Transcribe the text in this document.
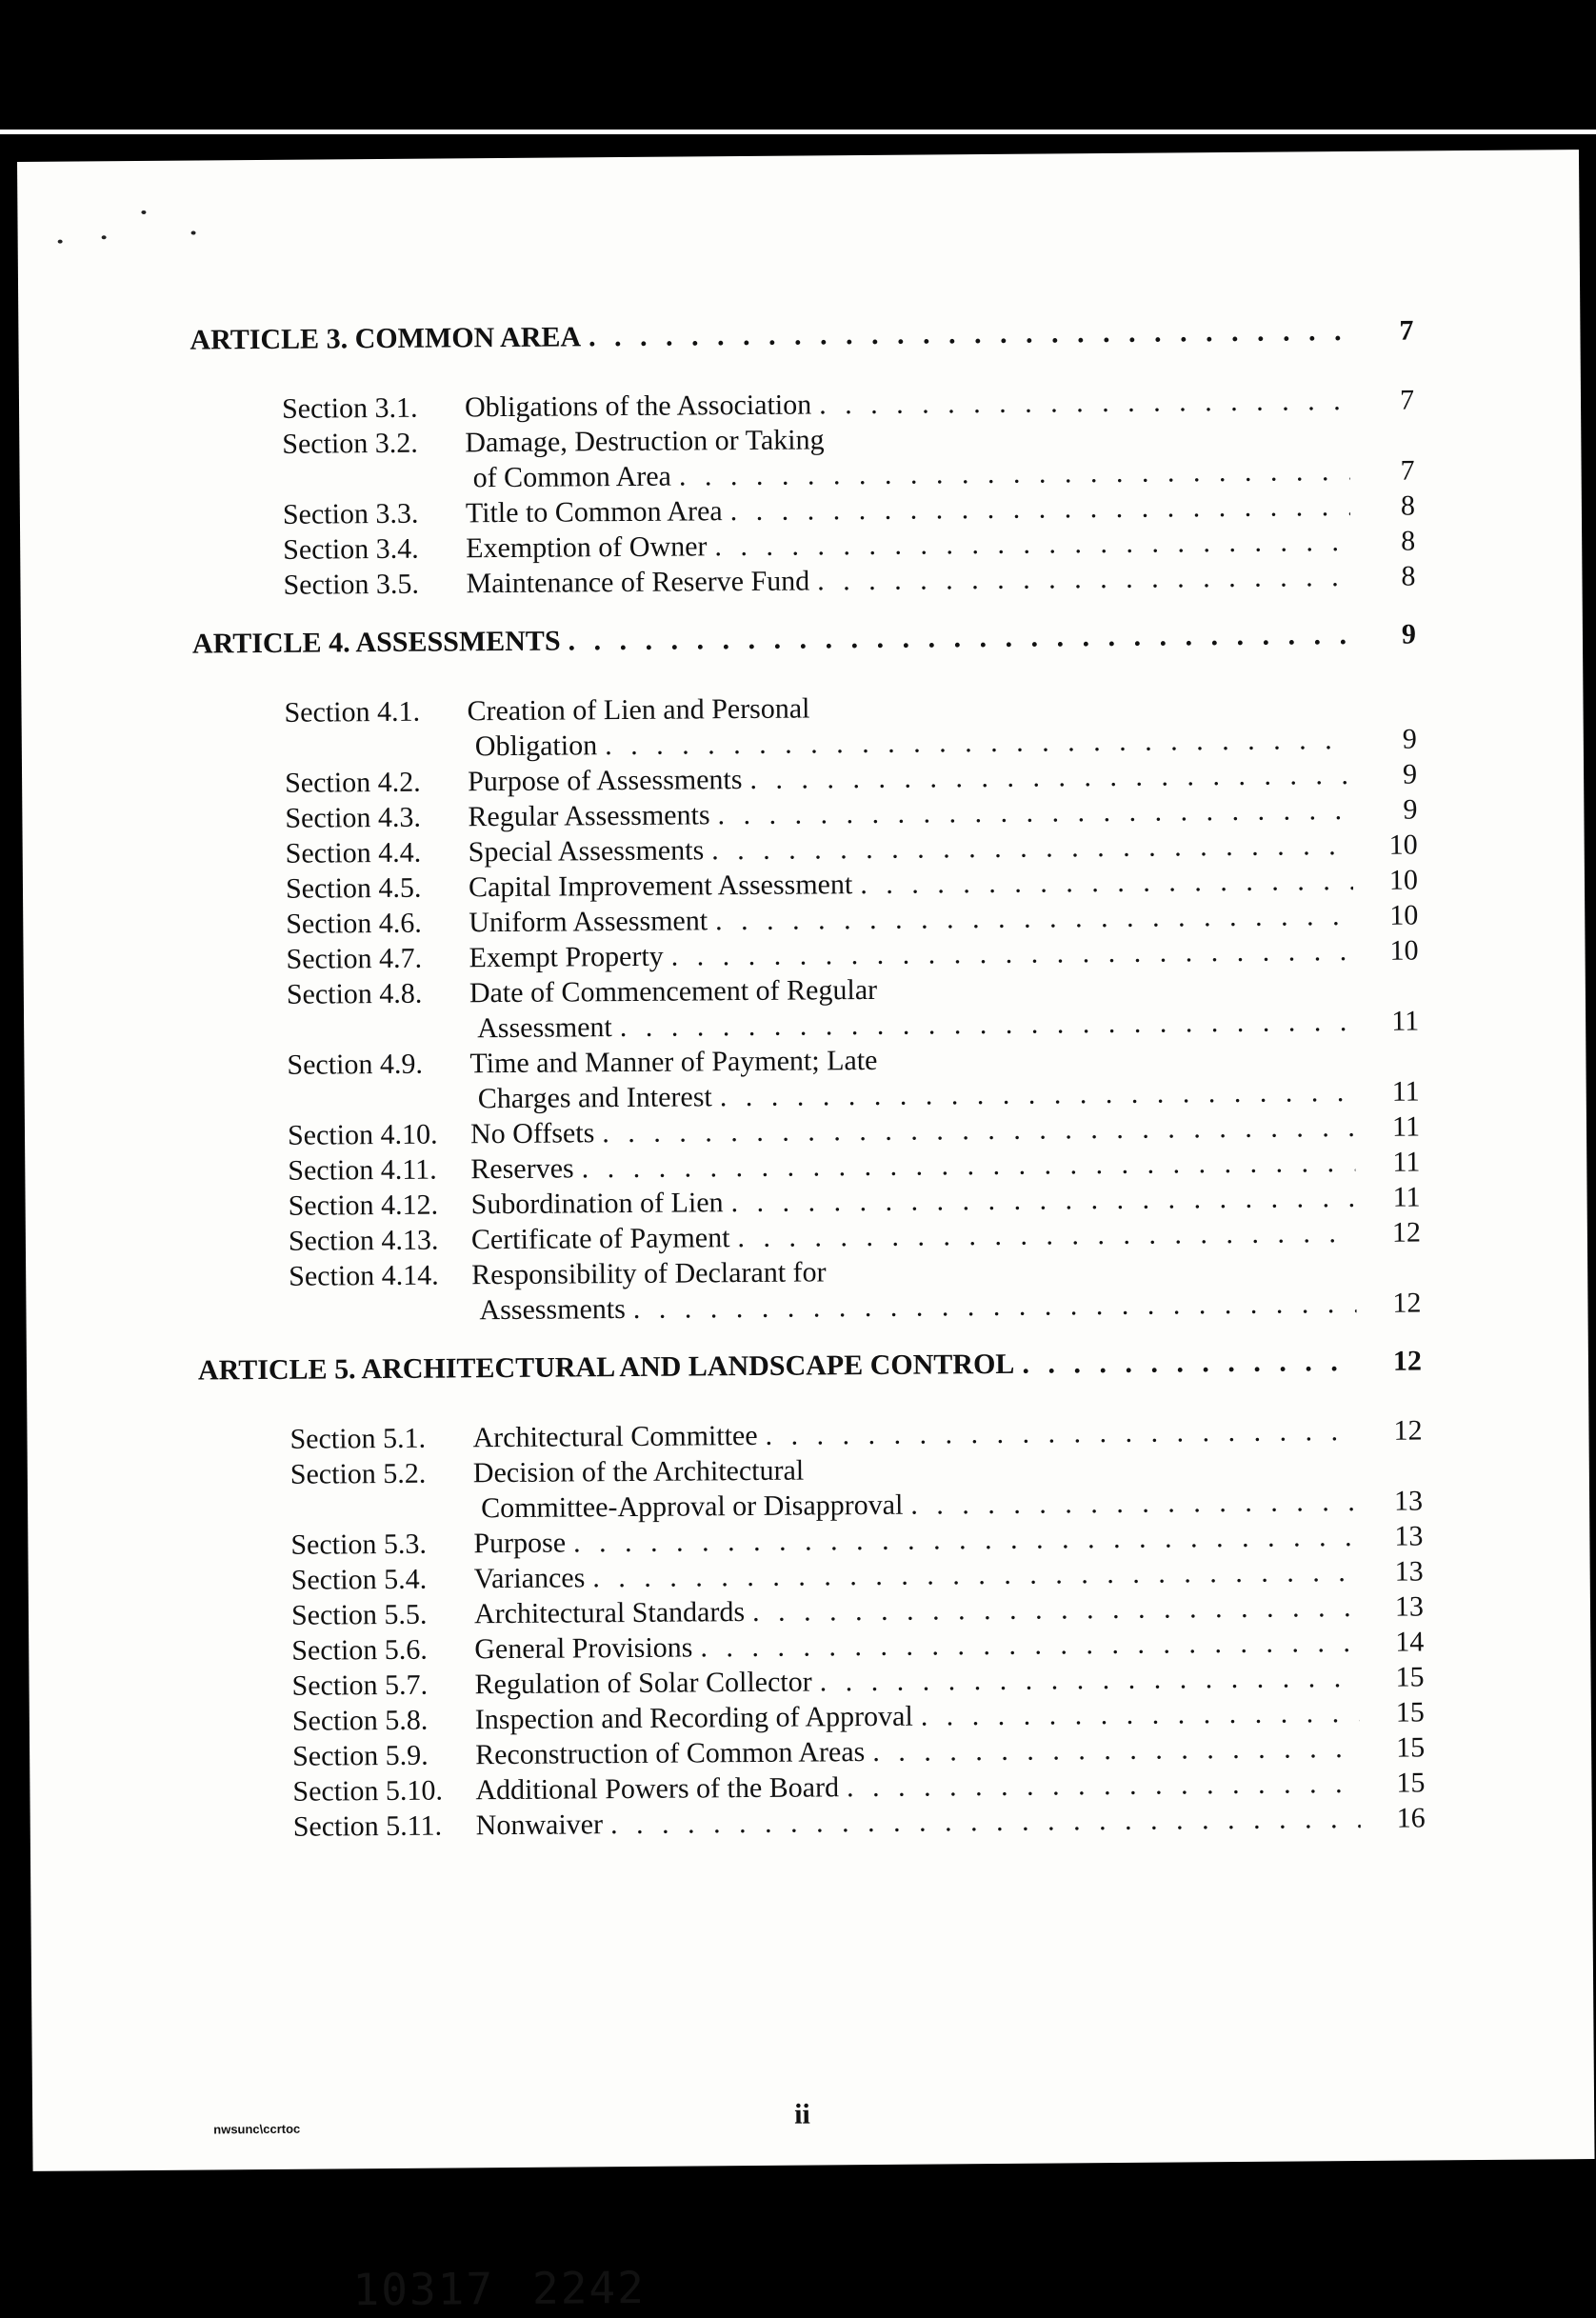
ARTICLE 3. COMMON AREA . . .	7
Section 3.1.	Obligations of the Association . . .	7
Section 3.2.	Damage, Destruction or Taking
of Common Area . . .	7
Section 3.3.	Title to Common Area . . .	8
Section 3.4.	Exemption of Owner . . .	8
Section 3.5.	Maintenance of Reserve Fund . . .	8
ARTICLE 4. ASSESSMENTS . . .	9
Section 4.1.	Creation of Lien and Personal
Obligation . . .	9
Section 4.2.	Purpose of Assessments . . .	9
Section 4.3.	Regular Assessments . . .	9
Section 4.4.	Special Assessments . . .	10
Section 4.5.	Capital Improvement Assessment . . .	10
Section 4.6.	Uniform Assessment . . .	10
Section 4.7.	Exempt Property . . .	10
Section 4.8.	Date of Commencement of Regular
Assessment . . .	11
Section 4.9.	Time and Manner of Payment; Late
Charges and Interest . . .	11
Section 4.10.	No Offsets . . .	11
Section 4.11.	Reserves . . .	11
Section 4.12.	Subordination of Lien . . .	11
Section 4.13.	Certificate of Payment . . .	12
Section 4.14.	Responsibility of Declarant for
Assessments . . .	12
ARTICLE 5. ARCHITECTURAL AND LANDSCAPE CONTROL . . .	12
Section 5.1.	Architectural Committee . . .	12
Section 5.2.	Decision of the Architectural
Committee-Approval or Disapproval . . .	13
Section 5.3.	Purpose . . .	13
Section 5.4.	Variances . . .	13
Section 5.5.	Architectural Standards . . .	13
Section 5.6.	General Provisions . . .	14
Section 5.7.	Regulation of Solar Collector . . .	15
Section 5.8.	Inspection and Recording of Approval . . .	15
Section 5.9.	Reconstruction of Common Areas . . .	15
Section 5.10.	Additional Powers of the Board . . .	15
Section 5.11.	Nonwaiver . . .	16
nwsunc\ccrtoc	ii
10317 2242
